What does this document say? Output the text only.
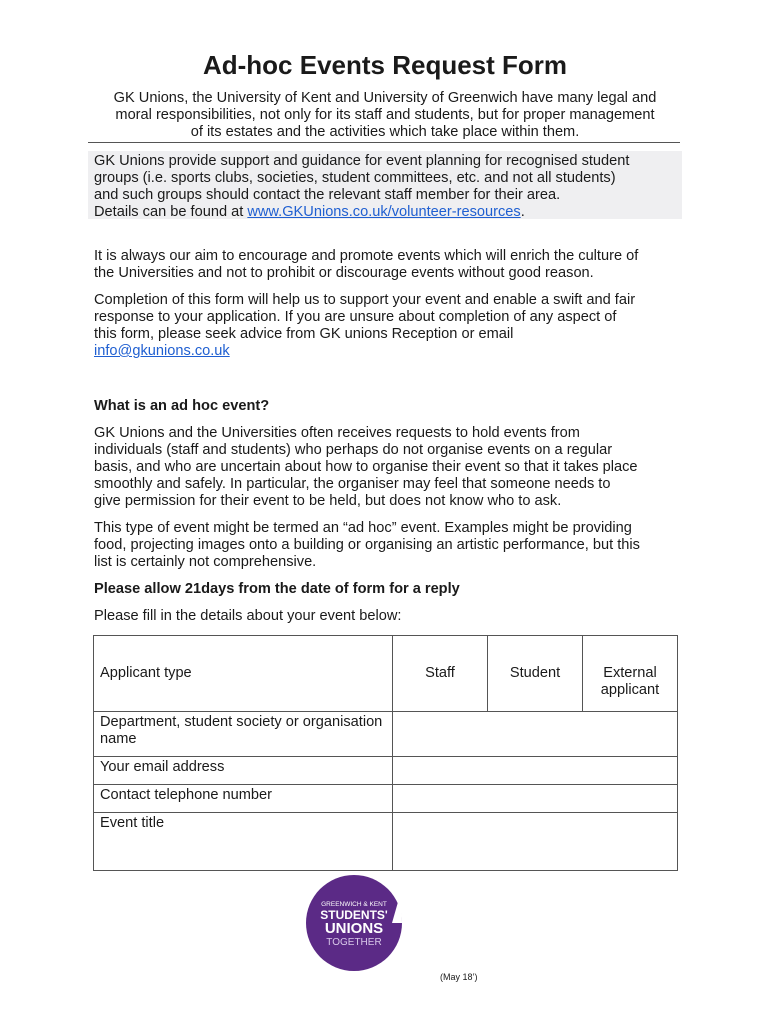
Ad-hoc Events Request Form
GK Unions, the University of Kent and University of Greenwich have many legal and
moral responsibilities, not only for its staff and students, but for proper management
of its estates and the activities which take place within them.

GK Unions provide support and guidance for event planning for recognised student
groups (i.e. sports clubs, societies, student committees, etc. and not all students)
and such groups should contact the relevant staff member for their area.
Details can be found at www.GKUnions.co.uk/volunteer-resources.

It is always our aim to encourage and promote events which will enrich the culture of
the Universities and not to prohibit or discourage events without good reason.

Completion of this form will help us to support your event and enable a swift and fair
response to your application. If you are unsure about completion of any aspect of
this form, please seek advice from GK unions Reception or email
info@gkunions.co.uk

What is an ad hoc event?

GK Unions and the Universities often receives requests to hold events from
individuals (staff and students) who perhaps do not organise events on a regular
basis, and who are uncertain about how to organise their event so that it takes place
smoothly and safely. In particular, the organiser may feel that someone needs to
give permission for their event to be held, but does not know who to ask.

This type of event might be termed an “ad hoc” event. Examples might be providing
food, projecting images onto a building or organising an artistic performance, but this
list is certainly not comprehensive.

Please allow 21days from the date of form for a reply

Please fill in the details about your event below:

Applicant type	Staff	Student	External applicant
Department, student society or organisation name			
Your email address			
Contact telephone number			
Event title			
GREENWICH & KENT
STUDENTS'
UNIONS
TOGETHER
(May 18’)
